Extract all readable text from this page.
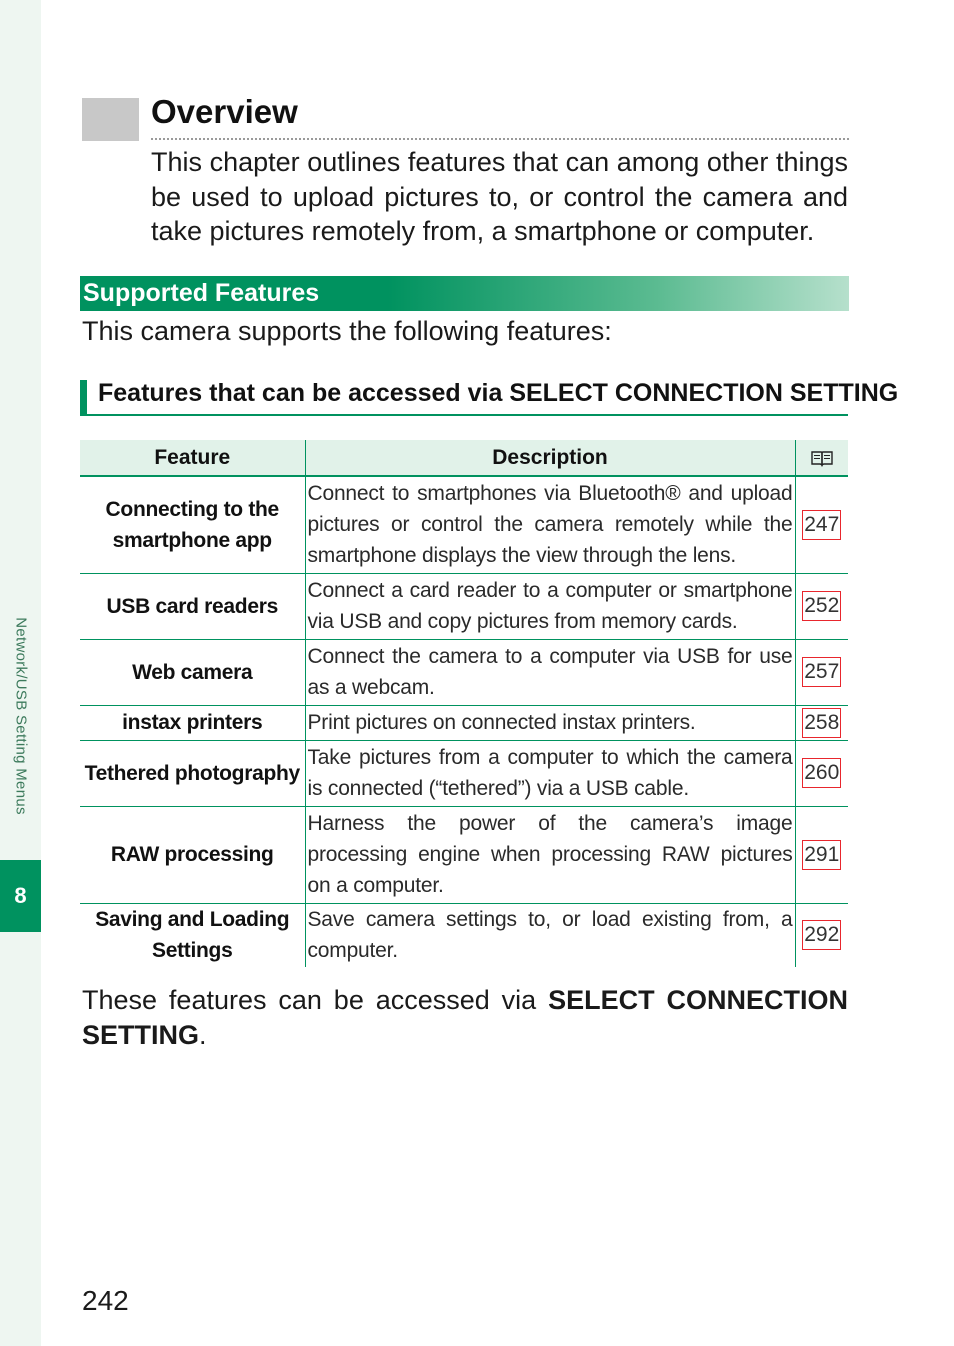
Network/USB Setting Menus
8
Overview

This chapter outlines features that can among other things be used to upload pictures to, or control the camera and take pictures remotely from, a smartphone or computer.

Supported Features

This camera supports the following features:

Features that can be accessed via SELECT CONNECTION SETTING
Feature	Description	
Connecting to the smartphone app	Connect to smartphones via Bluetooth® and upload pictures or control the camera remotely while the smartphone displays the view through the lens.	247
USB card readers	Connect a card reader to a computer or smartphone via USB and copy pictures from memory cards.	252
Web camera	Connect the camera to a computer via USB for use as a webcam.	257
instax printers	Print pictures on connected instax printers.	258
Tethered photography	Take pictures from a computer to which the camera is connected (“tethered”) via a USB cable.	260
RAW processing	Harness the power of the camera’s image processing engine when processing RAW pictures on a computer.	291
Saving and Loading Settings	Save camera settings to, or load existing from, a computer.	292

These features can be accessed via SELECT CONNECTION SETTING.

242
